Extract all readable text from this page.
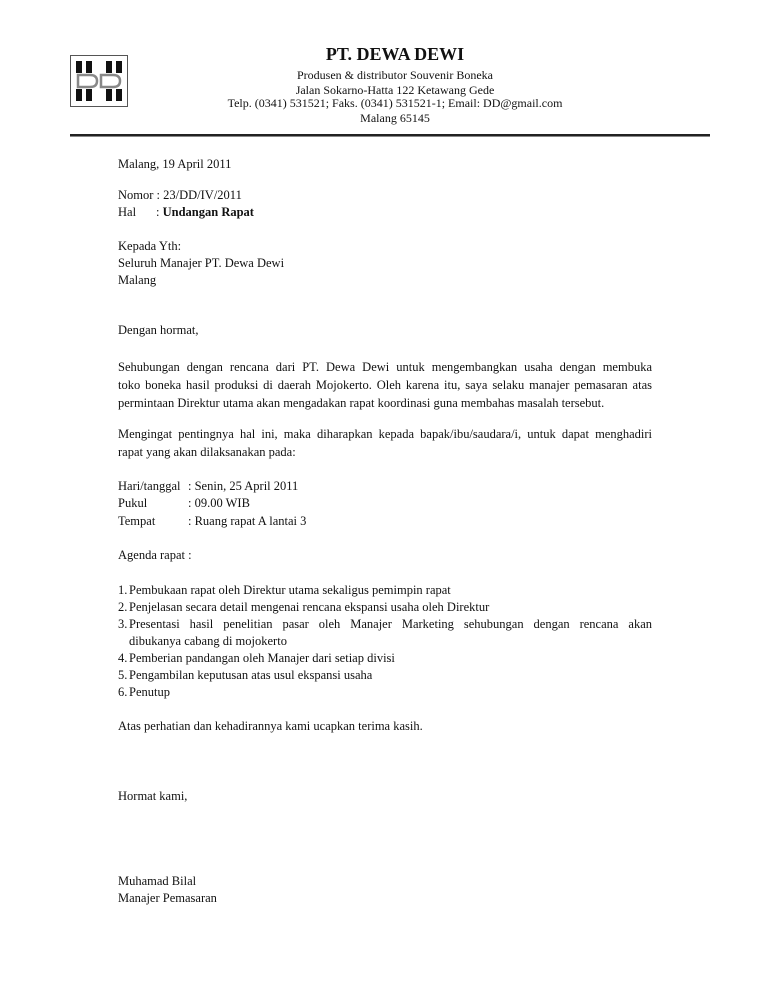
PT. DEWA DEWI
Produsen & distributor Souvenir Boneka
Jalan Sokarno-Hatta 122 Ketawang Gede
Telp. (0341) 531521; Faks. (0341) 531521-1; Email: DD@gmail.com
Malang 65145
Malang, 19 April 2011
Nomor : 23/DD/IV/2011
Hal : Undangan Rapat
Kepada Yth:
Seluruh Manajer PT. Dewa Dewi
Malang
Dengan hormat,
Sehubungan dengan rencana dari PT. Dewa Dewi untuk mengembangkan usaha dengan membuka
toko boneka hasil produksi di daerah Mojokerto. Oleh karena itu, saya selaku manajer pemasaran atas
permintaan Direktur utama akan mengadakan rapat koordinasi guna membahas masalah tersebut.
Mengingat pentingnya hal ini, maka diharapkan kepada bapak/ibu/saudara/i, untuk dapat menghadiri
rapat yang akan dilaksanakan pada:
Hari/tanggal : Senin, 25 April 2011
Pukul	: 09.00 WIB
Tempat	: Ruang rapat A lantai 3
Agenda rapat :
1. Pembukaan rapat oleh Direktur utama sekaligus pemimpin rapat
2. Penjelasan secara detail mengenai rencana ekspansi usaha oleh Direktur
3. Presentasi hasil penelitian pasar oleh Manajer Marketing sehubungan dengan rencana akan
dibukanya cabang di mojokerto
4. Pemberian pandangan oleh Manajer dari setiap divisi
5. Pengambilan keputusan atas usul ekspansi usaha
6. Penutup
Atas perhatian dan kehadirannya kami ucapkan terima kasih.
Hormat kami,
Muhamad Bilal
Manajer Pemasaran
